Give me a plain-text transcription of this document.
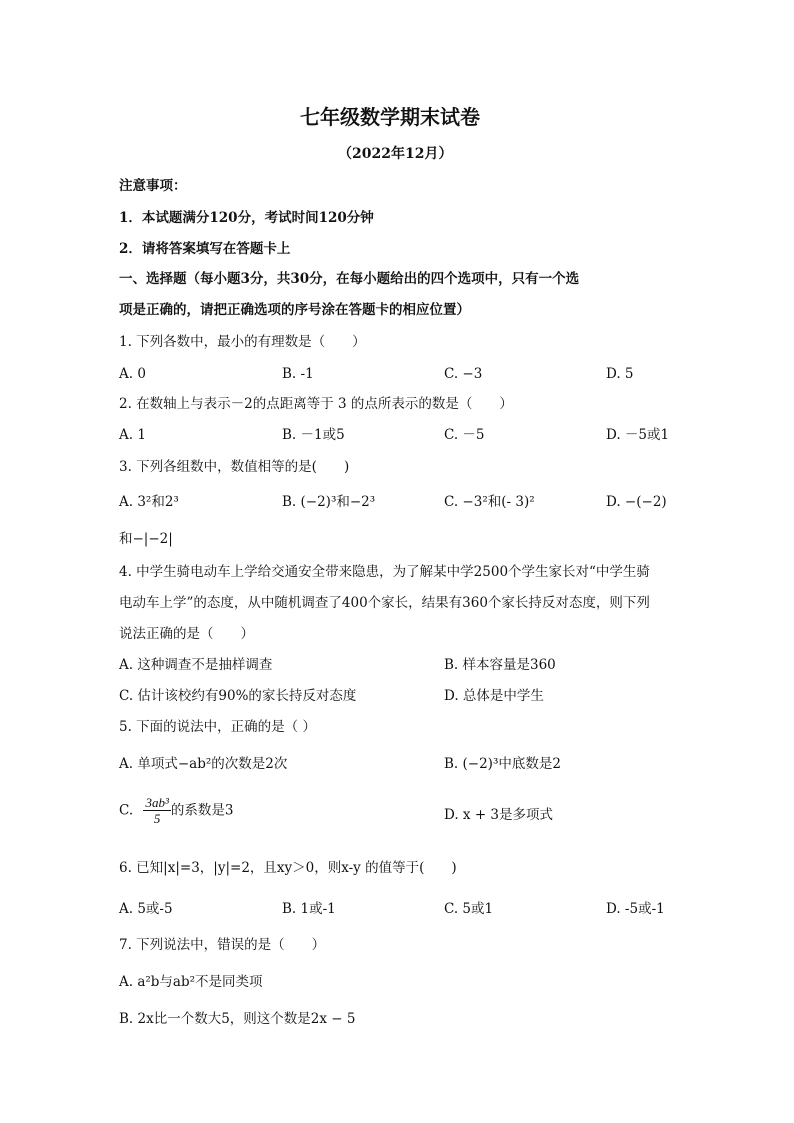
七年级数学期末试卷
（2022年12月）
注意事项：
1．本试题满分120分，考试时间120分钟
2．请将答案填写在答题卡上
一、选择题（每小题3分，共30分，在每小题给出的四个选项中，只有一个选
项是正确的，请把正确选项的序号涂在答题卡的相应位置）
1. 下列各数中，最小的有理数是（　　）
A. 0	B. -1	C. −3	D. 5
2. 在数轴上与表示－2的点距离等于 3 的点所表示的数是（　　）
A. 1	B. －1或5	C. －5	D. －5或1
3. 下列各组数中，数值相等的是(　　)
A. 3²和2³	B. (−2)³和−2³	C. −3²和(- 3)²	D. −(−2)
和−|−2|
4. 中学生骑电动车上学给交通安全带来隐患，为了解某中学2500个学生家长对“中学生骑
电动车上学”的态度，从中随机调查了400个家长，结果有360个家长持反对态度，则下列
说法正确的是（　　）
A. 这种调查不是抽样调查	B. 样本容量是360
C. 估计该校约有90%的家长持反对态度	D. 总体是中学生
5. 下面的说法中，正确的是（ ）
A. 单项式−ab²的次数是2次	B. (−2)³中底数是2
C. $\frac{\text{3ab³}}{5}$ 的系数是3	D. x + 3是多项式
6. 已知|x|=3，|y|=2，且xy＞0，则x-y 的值等于(　　)
A. 5或-5	B. 1或-1	C. 5或1	D. -5或-1
7. 下列说法中，错误的是（　　）
A. a²b与ab²不是同类项
B. 2x比一个数大5，则这个数是2x − 5
